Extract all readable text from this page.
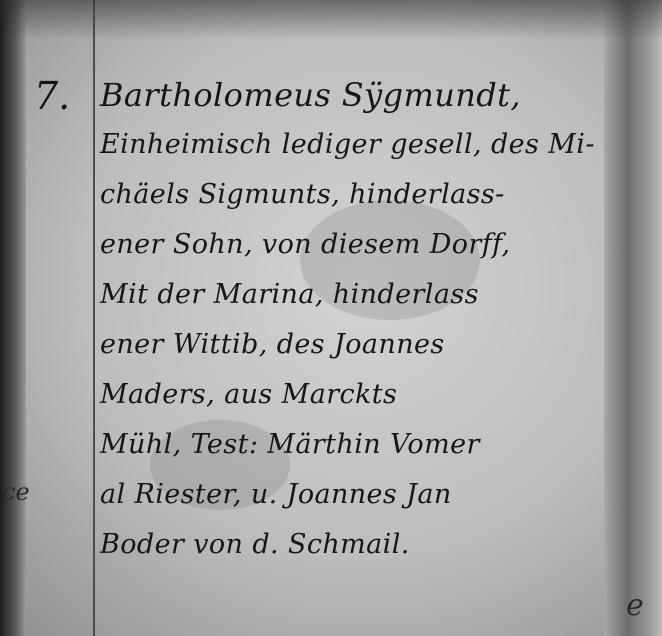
ce
e
7. Bartholomeus Sÿgmundt,
Einheimisch lediger gesell, des Mi-
chäels Sigmunts, hinderlass-
ener Sohn, von diesem Dorff,
Mit der Marina, hinderlass
ener Wittib, des Joannes
Maders, aus Marckts
Mühl, Test: Märthin Vomer
al Riester, u. Joannes Jan
Boder von d. Schmail.
